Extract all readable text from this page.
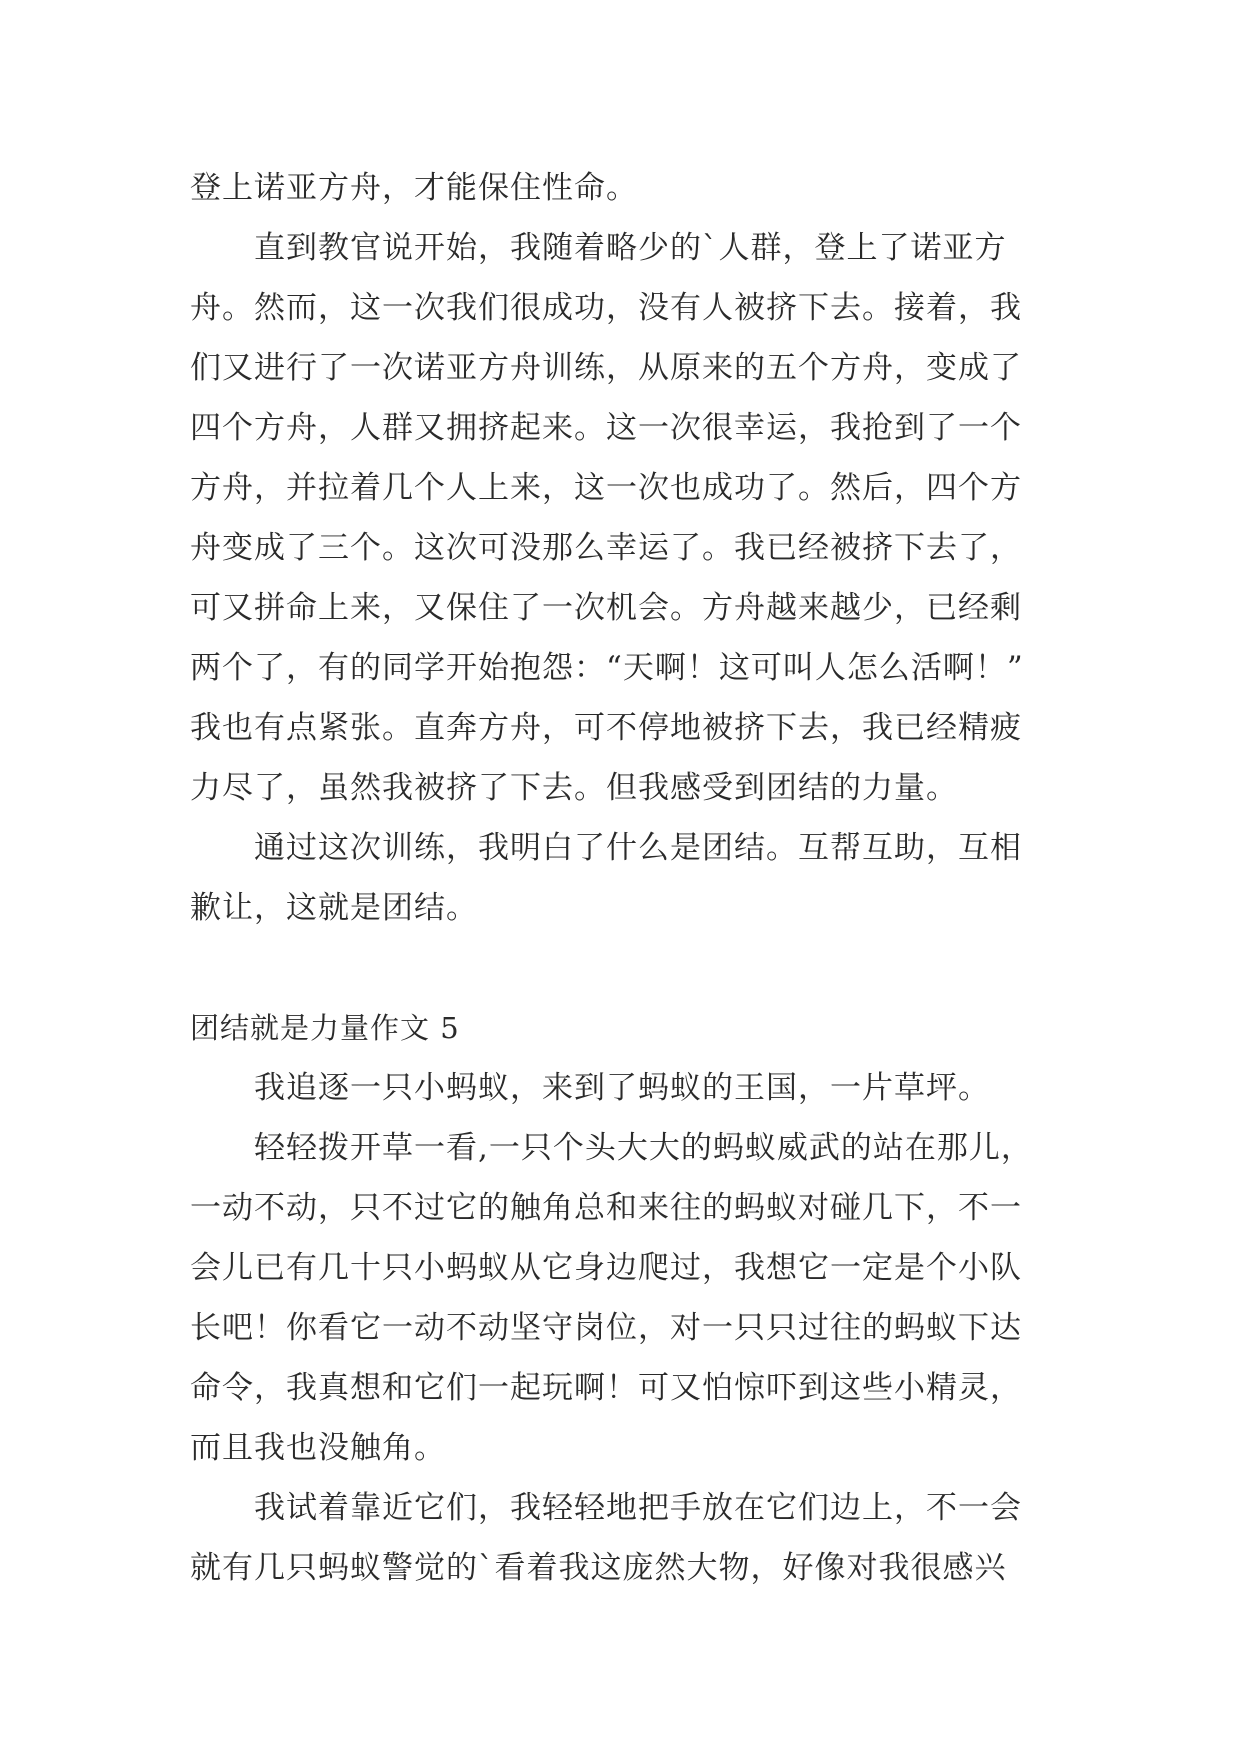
登上诺亚方舟，才能保住性命。
直到教官说开始，我随着略少的`人群，登上了诺亚方
舟。然而，这一次我们很成功，没有人被挤下去。接着，我
们又进行了一次诺亚方舟训练，从原来的五个方舟，变成了
四个方舟，人群又拥挤起来。这一次很幸运，我抢到了一个
方舟，并拉着几个人上来，这一次也成功了。然后，四个方
舟变成了三个。这次可没那么幸运了。我已经被挤下去了，
可又拼命上来，又保住了一次机会。方舟越来越少，已经剩
两个了，有的同学开始抱怨：“天啊！这可叫人怎么活啊！”
我也有点紧张。直奔方舟，可不停地被挤下去，我已经精疲
力尽了，虽然我被挤了下去。但我感受到团结的力量。
通过这次训练，我明白了什么是团结。互帮互助，互相
歉让，这就是团结。
团结就是力量作文 5
我追逐一只小蚂蚁，来到了蚂蚁的王国，一片草坪。
轻轻拨开草一看,一只个头大大的蚂蚁威武的站在那儿，
一动不动，只不过它的触角总和来往的蚂蚁对碰几下，不一
会儿已有几十只小蚂蚁从它身边爬过，我想它一定是个小队
长吧！你看它一动不动坚守岗位，对一只只过往的蚂蚁下达
命令，我真想和它们一起玩啊！可又怕惊吓到这些小精灵，
而且我也没触角。
我试着靠近它们，我轻轻地把手放在它们边上，不一会
就有几只蚂蚁警觉的`看着我这庞然大物，好像对我很感兴
